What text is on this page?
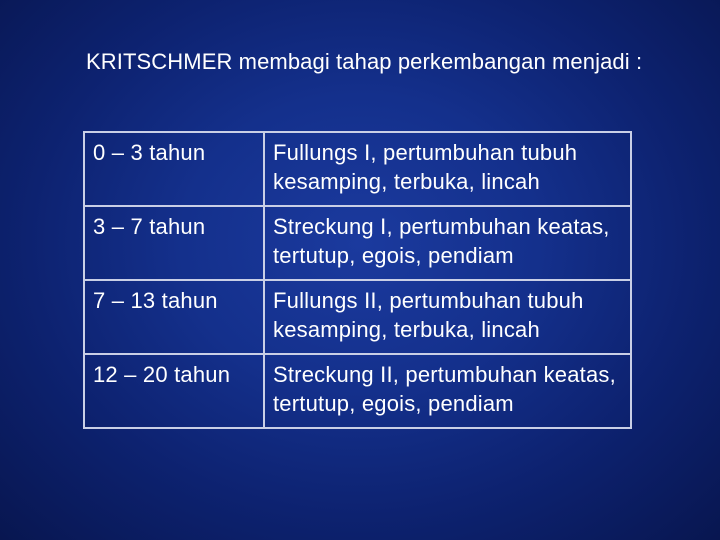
KRITSCHMER membagi tahap perkembangan menjadi :
0 – 3 tahun	Fullungs I, pertumbuhan tubuh kesamping, terbuka, lincah
3 – 7 tahun	Streckung I, pertumbuhan keatas, tertutup, egois, pendiam
7 – 13 tahun	Fullungs II, pertumbuhan tubuh kesamping, terbuka, lincah
12 – 20 tahun	Streckung II, pertumbuhan keatas, tertutup, egois, pendiam
